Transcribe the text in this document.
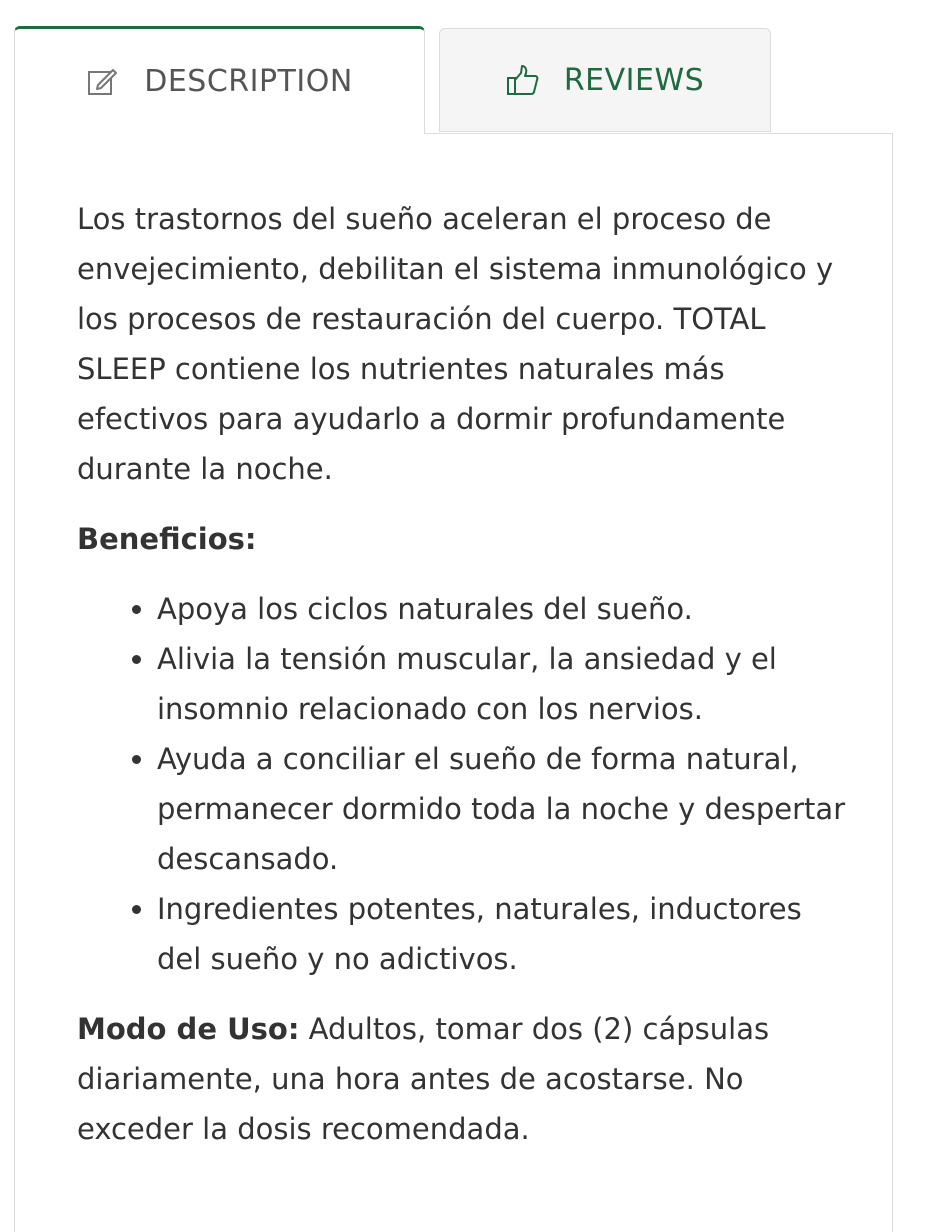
DESCRIPTION	REVIEWS

Los trastornos del sueño aceleran el proceso de envejecimiento, debilitan el sistema inmunológico y los procesos de restauración del cuerpo. TOTAL SLEEP contiene los nutrientes naturales más efectivos para ayudarlo a dormir profundamente durante la noche.

Beneficios:

• Apoya los ciclos naturales del sueño.
• Alivia la tensión muscular, la ansiedad y el insomnio relacionado con los nervios.
• Ayuda a conciliar el sueño de forma natural, permanecer dormido toda la noche y despertar descansado.
• Ingredientes potentes, naturales, inductores del sueño y no adictivos.

Modo de Uso: Adultos, tomar dos (2) cápsulas diariamente, una hora antes de acostarse. No exceder la dosis recomendada.
